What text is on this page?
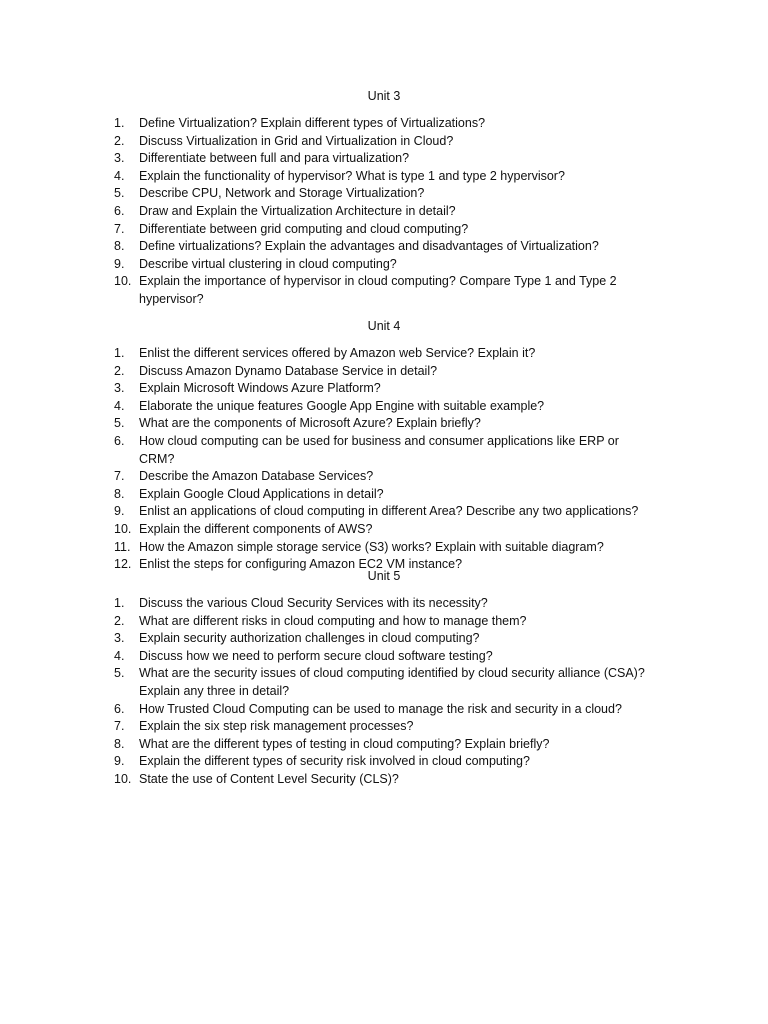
Unit 3
1.	Define Virtualization? Explain different types of Virtualizations?
2.	Discuss Virtualization in Grid and Virtualization in Cloud?
3.	Differentiate between full and para virtualization?
4.	Explain the functionality of hypervisor? What is type 1 and type 2 hypervisor?
5.	Describe CPU, Network and Storage Virtualization?
6.	Draw and Explain the Virtualization Architecture in detail?
7.	Differentiate between grid computing and cloud computing?
8.	Define virtualizations? Explain the advantages and disadvantages of Virtualization?
9.	Describe virtual clustering in cloud computing?
10. Explain the importance of hypervisor in cloud computing? Compare Type 1 and Type 2 hypervisor?
Unit 4
1.	Enlist the different services offered by Amazon web Service? Explain it?
2.	Discuss Amazon Dynamo Database Service in detail?
3.	Explain Microsoft Windows Azure Platform?
4.	Elaborate the unique features Google App Engine with suitable example?
5.	What are the components of Microsoft Azure? Explain briefly?
6.	How cloud computing can be used for business and consumer applications like ERP or CRM?
7.	Describe the Amazon Database Services?
8.	Explain Google Cloud Applications in detail?
9.	Enlist an applications of cloud computing in different Area? Describe any two applications?
10. Explain the different components of AWS?
11. How the Amazon simple storage service (S3) works? Explain with suitable diagram?
12. Enlist the steps for configuring Amazon EC2 VM instance?
Unit 5
1.	Discuss the various Cloud Security Services with its necessity?
2.	What are different risks in cloud computing and how to manage them?
3.	Explain security authorization challenges in cloud computing?
4.	Discuss how we need to perform secure cloud software testing?
5.	What are the security issues of cloud computing identified by cloud security alliance (CSA)? Explain any three in detail?
6.	How Trusted Cloud Computing can be used to manage the risk and security in a cloud?
7.	Explain the six step risk management processes?
8.	What are the different types of testing in cloud computing? Explain briefly?
9.	Explain the different types of security risk involved in cloud computing?
10. State the use of Content Level Security (CLS)?
